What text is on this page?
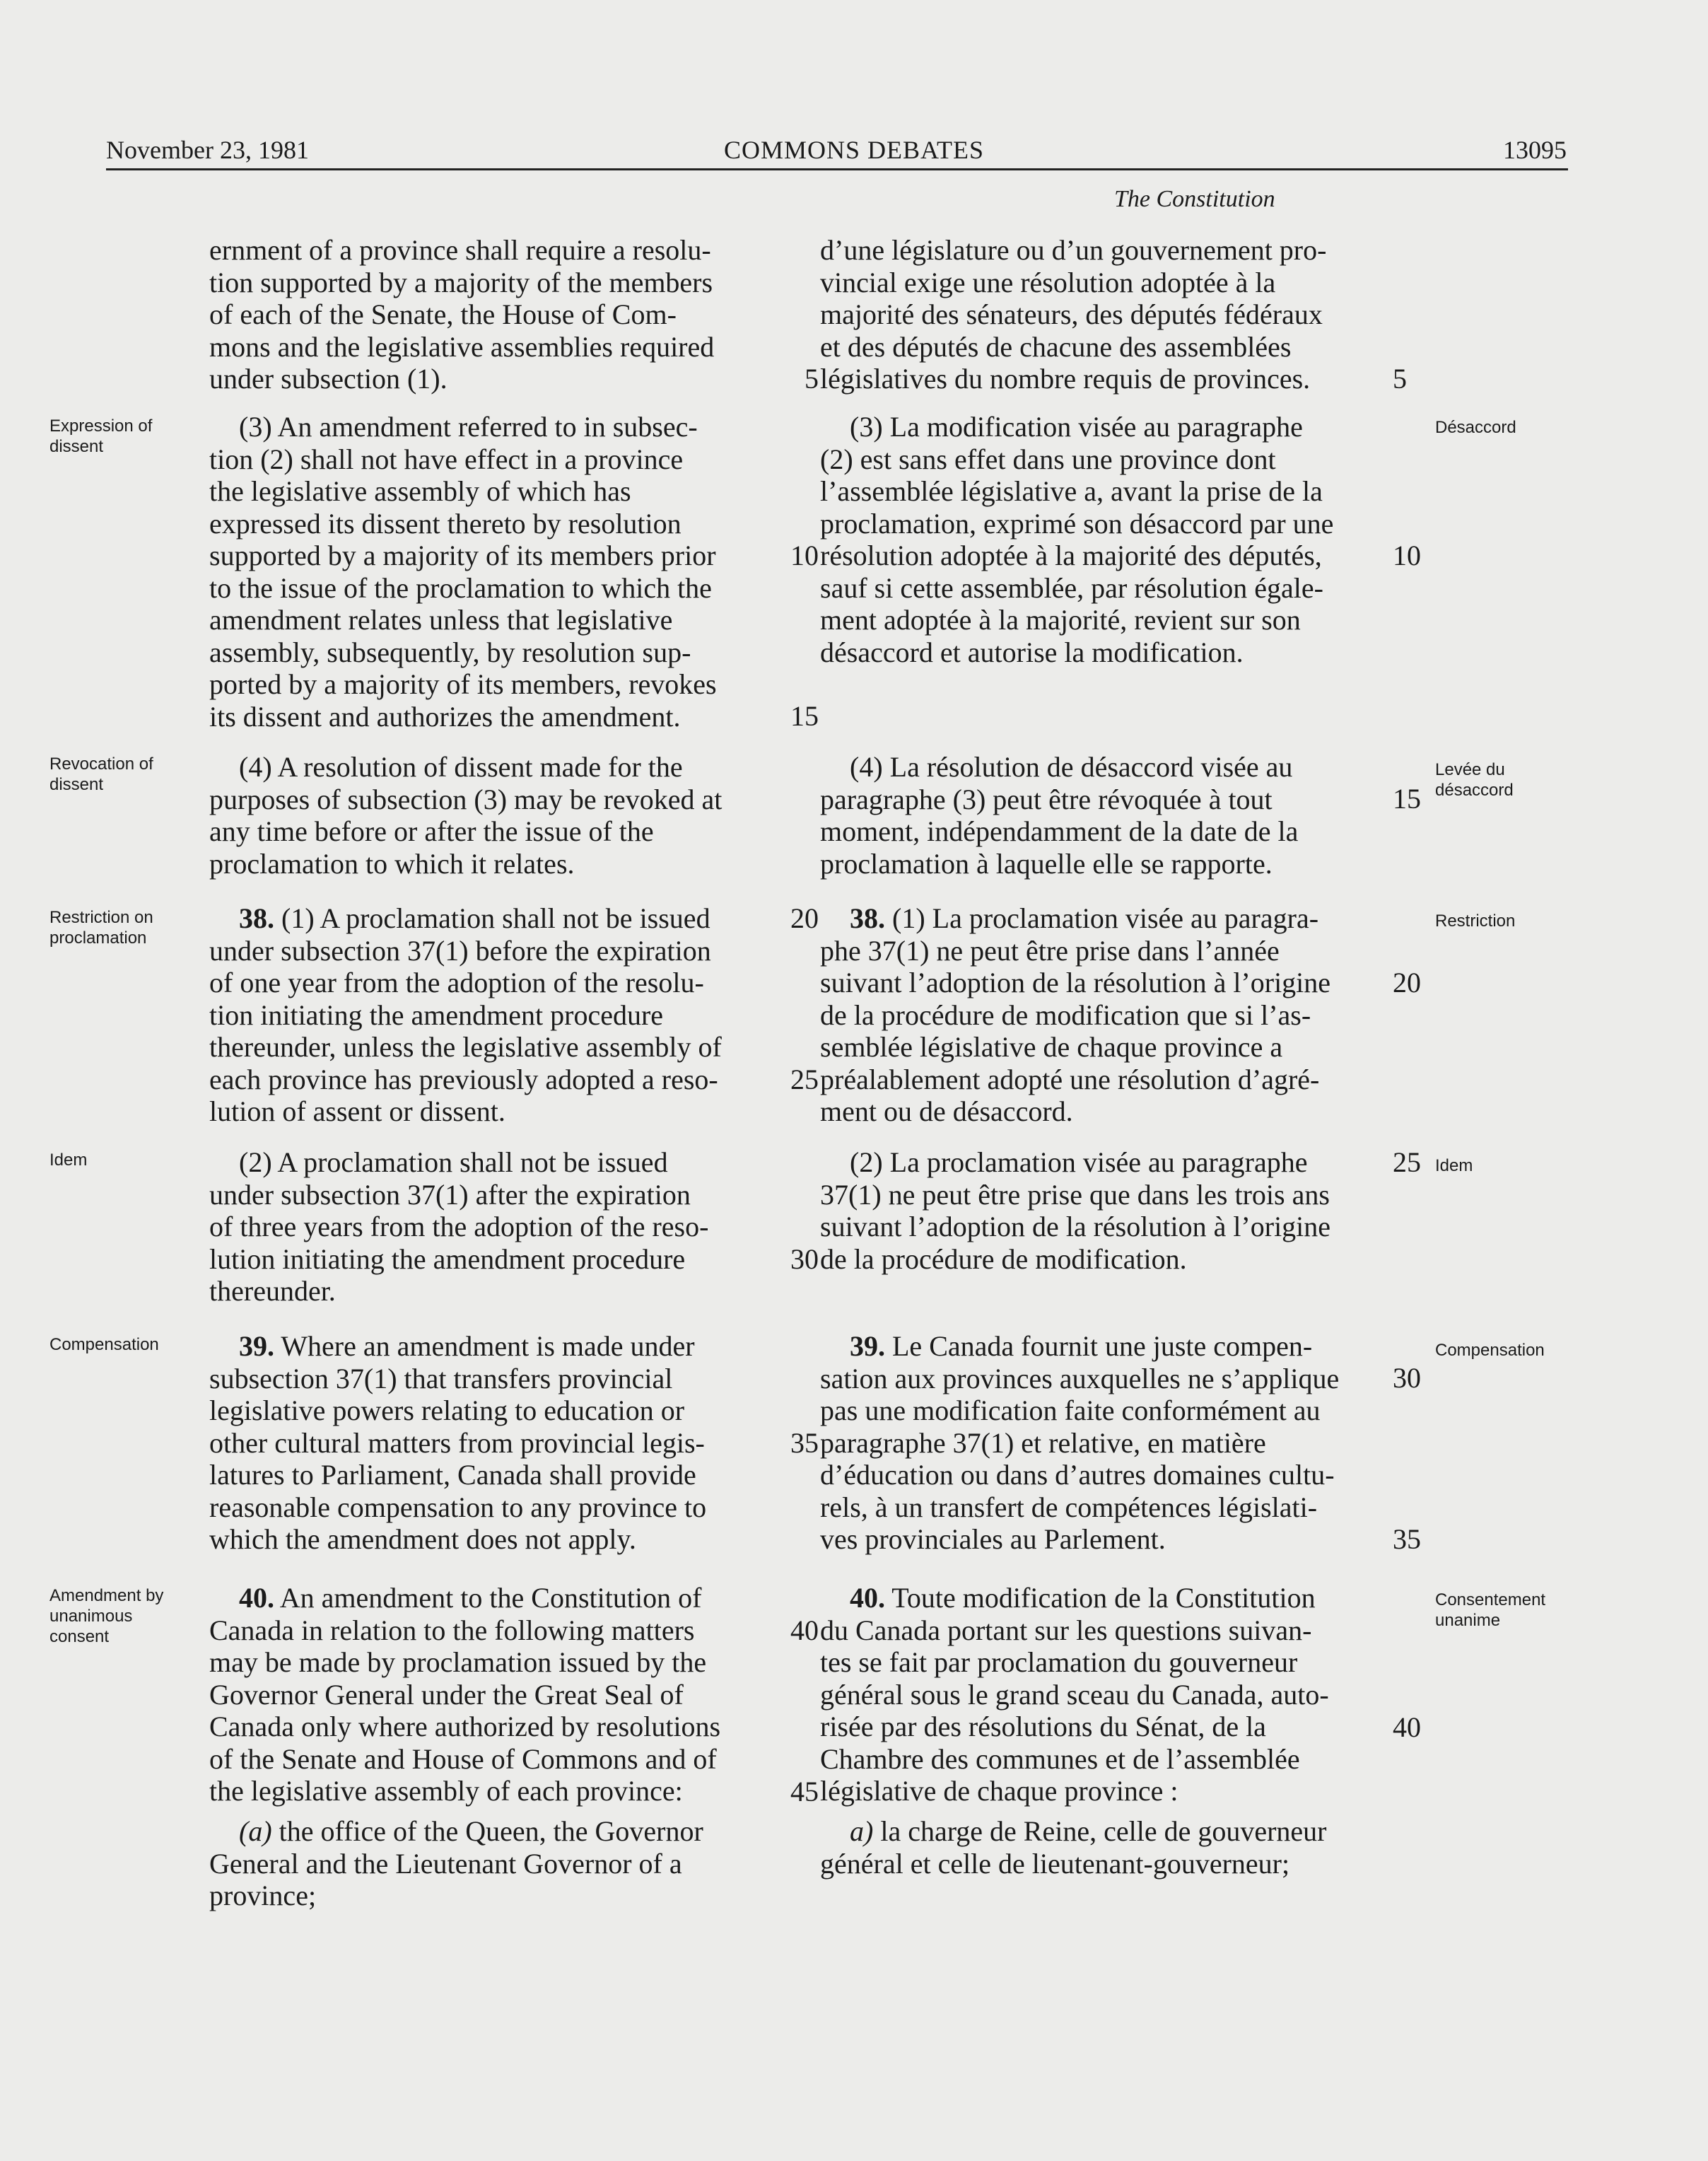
November 23, 1981	COMMONS DEBATES	13095
The Constitution
Expression of
dissent
Revocation of
dissent
Restriction on
proclamation
Idem
Compensation
Amendment by
unanimous
consent
Désaccord
Levée du
désaccord
Restriction
Idem
Compensation
Consentement
unanime

ernment of a province shall require a resolu-
tion supported by a majority of the members
of each of the Senate, the House of Com-
mons and the legislative assemblies required
under subsection (1).

(3) An amendment referred to in subsec-
tion (2) shall not have effect in a province
the legislative assembly of which has
expressed its dissent thereto by resolution
supported by a majority of its members prior
to the issue of the proclamation to which the
amendment relates unless that legislative
assembly, subsequently, by resolution sup-
ported by a majority of its members, revokes
its dissent and authorizes the amendment.

(4) A resolution of dissent made for the
purposes of subsection (3) may be revoked at
any time before or after the issue of the
proclamation to which it relates.

38. (1) A proclamation shall not be issued
under subsection 37(1) before the expiration
of one year from the adoption of the resolu-
tion initiating the amendment procedure
thereunder, unless the legislative assembly of
each province has previously adopted a reso-
lution of assent or dissent.

(2) A proclamation shall not be issued
under subsection 37(1) after the expiration
of three years from the adoption of the reso-
lution initiating the amendment procedure
thereunder.

39. Where an amendment is made under
subsection 37(1) that transfers provincial
legislative powers relating to education or
other cultural matters from provincial legis-
latures to Parliament, Canada shall provide
reasonable compensation to any province to
which the amendment does not apply.

40. An amendment to the Constitution of
Canada in relation to the following matters
may be made by proclamation issued by the
Governor General under the Great Seal of
Canada only where authorized by resolutions
of the Senate and House of Commons and of
the legislative assembly of each province:

(a) the office of the Queen, the Governor
General and the Lieutenant Governor of a
province;

d’une législature ou d’un gouvernement pro-
vincial exige une résolution adoptée à la
majorité des sénateurs, des députés fédéraux
et des députés de chacune des assemblées
législatives du nombre requis de provinces.

(3) La modification visée au paragraphe
(2) est sans effet dans une province dont
l’assemblée législative a, avant la prise de la
proclamation, exprimé son désaccord par une
résolution adoptée à la majorité des députés,
sauf si cette assemblée, par résolution égale-
ment adoptée à la majorité, revient sur son
désaccord et autorise la modification.

(4) La résolution de désaccord visée au
paragraphe (3) peut être révoquée à tout
moment, indépendamment de la date de la
proclamation à laquelle elle se rapporte.

38. (1) La proclamation visée au paragra-
phe 37(1) ne peut être prise dans l’année
suivant l’adoption de la résolution à l’origine
de la procédure de modification que si l’as-
semblée législative de chaque province a
préalablement adopté une résolution d’agré-
ment ou de désaccord.

(2) La proclamation visée au paragraphe
37(1) ne peut être prise que dans les trois ans
suivant l’adoption de la résolution à l’origine
de la procédure de modification.

39. Le Canada fournit une juste compen-
sation aux provinces auxquelles ne s’applique
pas une modification faite conformément au
paragraphe 37(1) et relative, en matière
d’éducation ou dans d’autres domaines cultu-
rels, à un transfert de compétences législati-
ves provinciales au Parlement.

40. Toute modification de la Constitution
du Canada portant sur les questions suivan-
tes se fait par proclamation du gouverneur
général sous le grand sceau du Canada, auto-
risée par des résolutions du Sénat, de la
Chambre des communes et de l’assemblée
législative de chaque province :

a) la charge de Reine, celle de gouverneur
général et celle de lieutenant-gouverneur;

5
10
15
20
25
30
35
40
45
5
10
15
20
25
30
35
40
